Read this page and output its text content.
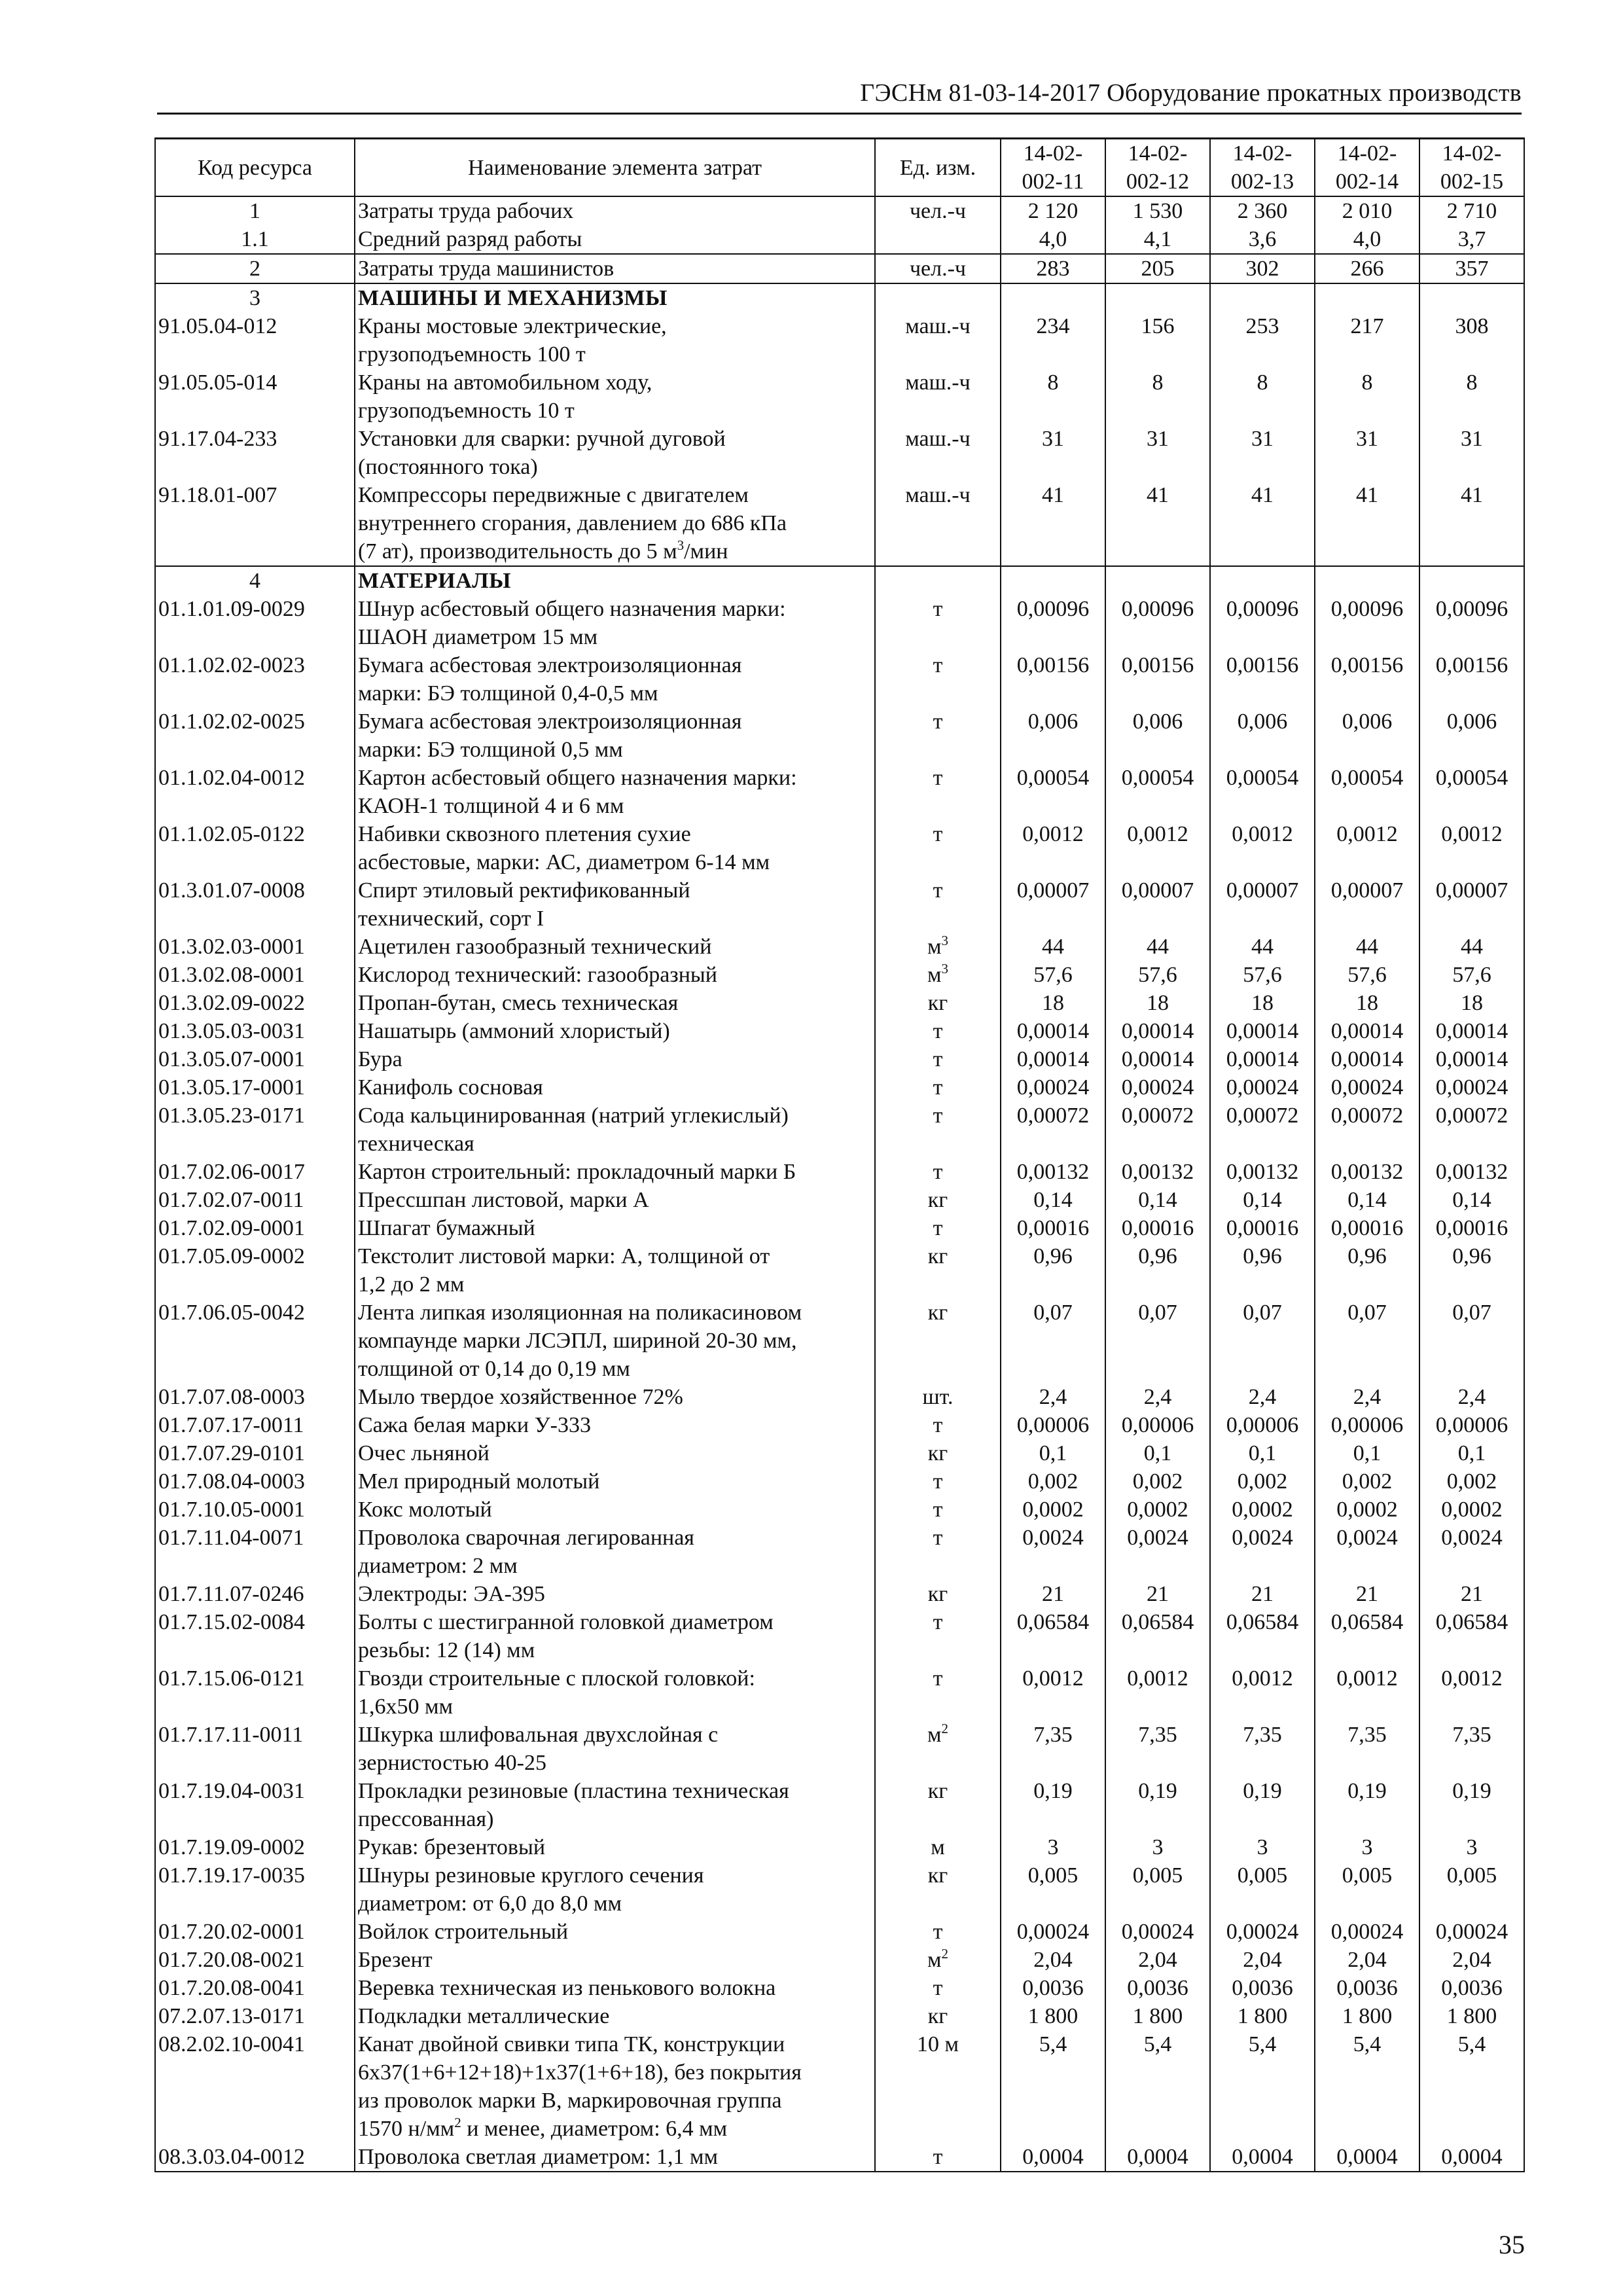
ГЭСНм 81-03-14-2017 Оборудование прокатных производств
Код ресурса	Наименование элемента затрат	Ед. изм.	14-02-
002-11	14-02-
002-12	14-02-
002-13	14-02-
002-14	14-02-
002-15
1	Затраты труда рабочих	чел.-ч	2 120	1 530	2 360	2 010	2 710
1.1	Средний разряд работы		4,0	4,1	3,6	4,0	3,7
2	Затраты труда машинистов	чел.-ч	283	205	302	266	357
3	МАШИНЫ И МЕХАНИЗМЫ						

91.05.04-012	Краны мостовые электрические,
грузоподъемность 100 т	маш.-ч	234	156	253	217	308
91.05.05-014	Краны на автомобильном ходу,
грузоподъемность 10 т	маш.-ч	8	8	8	8	8
91.17.04-233	Установки для сварки: ручной дуговой
(постоянного тока)	маш.-ч	31	31	31	31	31
91.18.01-007	Компрессоры передвижные с двигателем
внутреннего сгорания, давлением до 686 кПа
(7 ат), производительность до 5 $м^3$/мин	маш.-ч	41	41	41	41	41
4	МАТЕРИАЛЫ						

01.1.01.09-0029	Шнур асбестовый общего назначения марки:
ШАОН диаметром 15 мм	т	0,00096	0,00096	0,00096	0,00096	0,00096
01.1.02.02-0023	Бумага асбестовая электроизоляционная
марки: БЭ толщиной 0,4-0,5 мм	т	0,00156	0,00156	0,00156	0,00156	0,00156
01.1.02.02-0025	Бумага асбестовая электроизоляционная
марки: БЭ толщиной 0,5 мм	т	0,006	0,006	0,006	0,006	0,006
01.1.02.04-0012	Картон асбестовый общего назначения марки:
КАОН-1 толщиной 4 и 6 мм	т	0,00054	0,00054	0,00054	0,00054	0,00054
01.1.02.05-0122	Набивки сквозного плетения сухие
асбестовые, марки: АС, диаметром 6-14 мм	т	0,0012	0,0012	0,0012	0,0012	0,0012
01.3.01.07-0008	Спирт этиловый ректификованный
технический, сорт I	т	0,00007	0,00007	0,00007	0,00007	0,00007
01.3.02.03-0001	Ацетилен газообразный технический	$м^3$	44	44	44	44	44
01.3.02.08-0001	Кислород технический: газообразный	$м^3$	57,6	57,6	57,6	57,6	57,6
01.3.02.09-0022	Пропан-бутан, смесь техническая	кг	18	18	18	18	18
01.3.05.03-0031	Нашатырь (аммоний хлористый)	т	0,00014	0,00014	0,00014	0,00014	0,00014
01.3.05.07-0001	Бура	т	0,00014	0,00014	0,00014	0,00014	0,00014
01.3.05.17-0001	Канифоль сосновая	т	0,00024	0,00024	0,00024	0,00024	0,00024
01.3.05.23-0171	Сода кальцинированная (натрий углекислый)
техническая	т	0,00072	0,00072	0,00072	0,00072	0,00072
01.7.02.06-0017	Картон строительный: прокладочный марки Б	т	0,00132	0,00132	0,00132	0,00132	0,00132
01.7.02.07-0011	Прессшпан листовой, марки А	кг	0,14	0,14	0,14	0,14	0,14
01.7.02.09-0001	Шпагат бумажный	т	0,00016	0,00016	0,00016	0,00016	0,00016
01.7.05.09-0002	Текстолит листовой марки: А, толщиной от
1,2 до 2 мм	кг	0,96	0,96	0,96	0,96	0,96
01.7.06.05-0042	Лента липкая изоляционная на поликасиновом
компаунде марки ЛСЭПЛ, шириной 20-30 мм,
толщиной от 0,14 до 0,19 мм	кг	0,07	0,07	0,07	0,07	0,07
01.7.07.08-0003	Мыло твердое хозяйственное 72%	шт.	2,4	2,4	2,4	2,4	2,4
01.7.07.17-0011	Сажа белая марки У-333	т	0,00006	0,00006	0,00006	0,00006	0,00006
01.7.07.29-0101	Очес льняной	кг	0,1	0,1	0,1	0,1	0,1
01.7.08.04-0003	Мел природный молотый	т	0,002	0,002	0,002	0,002	0,002
01.7.10.05-0001	Кокс молотый	т	0,0002	0,0002	0,0002	0,0002	0,0002
01.7.11.04-0071	Проволока сварочная легированная
диаметром: 2 мм	т	0,0024	0,0024	0,0024	0,0024	0,0024
01.7.11.07-0246	Электроды: ЭА-395	кг	21	21	21	21	21
01.7.15.02-0084	Болты с шестигранной головкой диаметром
резьбы: 12 (14) мм	т	0,06584	0,06584	0,06584	0,06584	0,06584
01.7.15.06-0121	Гвозди строительные с плоской головкой:
1,6х50 мм	т	0,0012	0,0012	0,0012	0,0012	0,0012
01.7.17.11-0011	Шкурка шлифовальная двухслойная с
зернистостью 40-25	$м^2$	7,35	7,35	7,35	7,35	7,35
01.7.19.04-0031	Прокладки резиновые (пластина техническая
прессованная)	кг	0,19	0,19	0,19	0,19	0,19
01.7.19.09-0002	Рукав: брезентовый	м	3	3	3	3	3
01.7.19.17-0035	Шнуры резиновые круглого сечения
диаметром: от 6,0 до 8,0 мм	кг	0,005	0,005	0,005	0,005	0,005
01.7.20.02-0001	Войлок строительный	т	0,00024	0,00024	0,00024	0,00024	0,00024
01.7.20.08-0021	Брезент	$м^2$	2,04	2,04	2,04	2,04	2,04
01.7.20.08-0041	Веревка техническая из пенькового волокна	т	0,0036	0,0036	0,0036	0,0036	0,0036
07.2.07.13-0171	Подкладки металлические	кг	1 800	1 800	1 800	1 800	1 800
08.2.02.10-0041	Канат двойной свивки типа ТК, конструкции
6х37(1+6+12+18)+1х37(1+6+18), без покрытия
из проволок марки В, маркировочная группа
1570 $н/мм^2$ и менее, диаметром: 6,4 мм	10 м	5,4	5,4	5,4	5,4	5,4
08.3.03.04-0012	Проволока светлая диаметром: 1,1 мм	т	0,0004	0,0004	0,0004	0,0004	0,0004
35
